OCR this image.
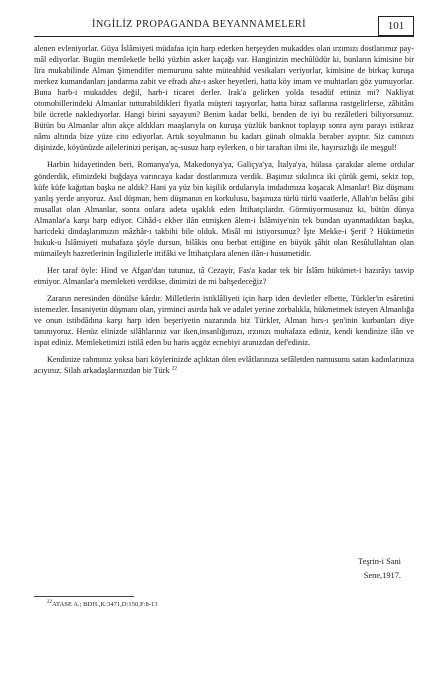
İNGİLİZ PROPAGANDA BEYANNAMELERİ	101

alenen evleniyorlar. Güya İslâmiyeti müdafaa için harp ederken herşeyden mukaddes olan ırzımızı dostlarımız pay-mâl ediyorlar. Bugün memleketle belki yüzbin asker kaçağı var. Hanginizin mechûlüdür ki, bunların kimisine bir lira mukabilinde Alman Şimendifer memurunu sahte müteahhid vesikaları veriyorlar, kimisine de birkaç kuruşa merkez kumandanları jandarma zabit ve efradı ahz-ı asker heyetleri, hatta köy imam ve muhtarları göz yumuyorlar. Buna harb-i mukaddes değil, harb-i ticaret derler. Irak'a gelirken yolda tesadüf ettiniz mi? Nakliyat otomobillerindeki Almanlar tutturabildikleri fiyatla müşteri taşıyorlar, hatta biraz saflarına rastgelirlerse, zâbitânı bile ücretle nakledıyorlar. Hangi birini sayayım? Benim kadar belki, benden de iyi bu rezâletleri biliyorsunuz. Bütün bu Almanlar altın akçe aldıkları maaşlarıyla on kuruşa yüzlük banknot toplayıp sonra aynı parayı istikraz nâmı altında bize yüze cito ediyorlar. Artık soyulmanın bu kadarı günah olmakla beraber ayıptır. Siz canınızı dişinizde, köyünüzde ailelerinizi perişan, aç-susuz harp eylerken, o bir taraftan ilmi ile, hayırsızlığı ile meşgul!

Harbin bidayetinden beri, Romanya'ya, Makedonya'ya, Galiçya'ya, İtalya'ya, hülasa çarakdar aleme ordular gönderdik, elimizdeki buğdaya varıncaya kadar dostlarımıza verdik. Başımız sıkılınca iki çürük gemi, sekiz top, küfe küfe kağıttan başka ne aldık? Hani ya yüz bin kişilik ordularıyla imdadımıza koşacak Almanlar! Biz düşmanı yanlış yerde arıyoruz. Asıl düşman, hem düşmanın en korkulusu, başımıza türlü türlü vaatlerle, Allah'ın belâsı gibi musallat olan Almanlar, sonra onlara adeta uşaklık eden İttihatçılardır. Görmüyormusunuz ki, bütün dünya Almanlar'a karşı harp ediyor. Cihâd-ı ekber ilân etmişken âlem-i İslâmiye'nin tek bundan uyanmadıktan başka, haricdeki dindaşlarımızın mâzhâr-ı takbihi bile olduk. Misâl mi istiyorsunuz? İşte Mekke-i Şerif ? Hükümetin hukuk-u İslâmiyeti muhafaza şöyle dursun, bilâkis onu berbat ettiğine en büyük şâhit olan Resûlullahtan olan mümaileyh hazretlerinin İngilizlerle ittifâki ve İttihatçılara alenen ilân-ı husumetidir.

Her taraf öyle: Hind ve Afgan'dan tutunuz, tâ Cezayir, Fas'a kadar tek bir İslâm hükümet-i hazırâyı tasvip etmiyor. Almanlar'a memleketi verdikse, dinimizi de mi bahşedeceğiz?

Zararın neresinden dönülse kârdır. Milletlerin istiklâliyeti için harp iden devletler elbette, Türkler'in esâretini istemezler. İnsaniyetin düşmanı olan, yirminci asırda hak ve adalet yerine zorbalıkla, hükmetmek isteyen Almanlığa ve onun istibdâdına karşı harp iden beşeriyetin nazarında biz Türkler, Alman hırs-ı şen'inin kurbanları diye tanınıyoruz. Henüz elinizde silâhlarınız var iken,insanlığımızı, ırzınızı muhafaza ediniz, kendi kendinize ilân ve ispat ediniz. Memleketimizi istilâ eden bu haris açgöz ecnebiyi aranızdan def'ediniz.

Kendinize rahmınız yoksa bari köylerinizde açlıktan ölen evlâtlarınıza sefâletden namusunu satan kadınlarınıza acıyınız. Silah arkadaşlarınızdan bir Türk $^{22}$

Teşrin-i Sani
Sene,1917.
$^{22}$ATASE A.; BDH.,K:3471,D:150,F:8-13
